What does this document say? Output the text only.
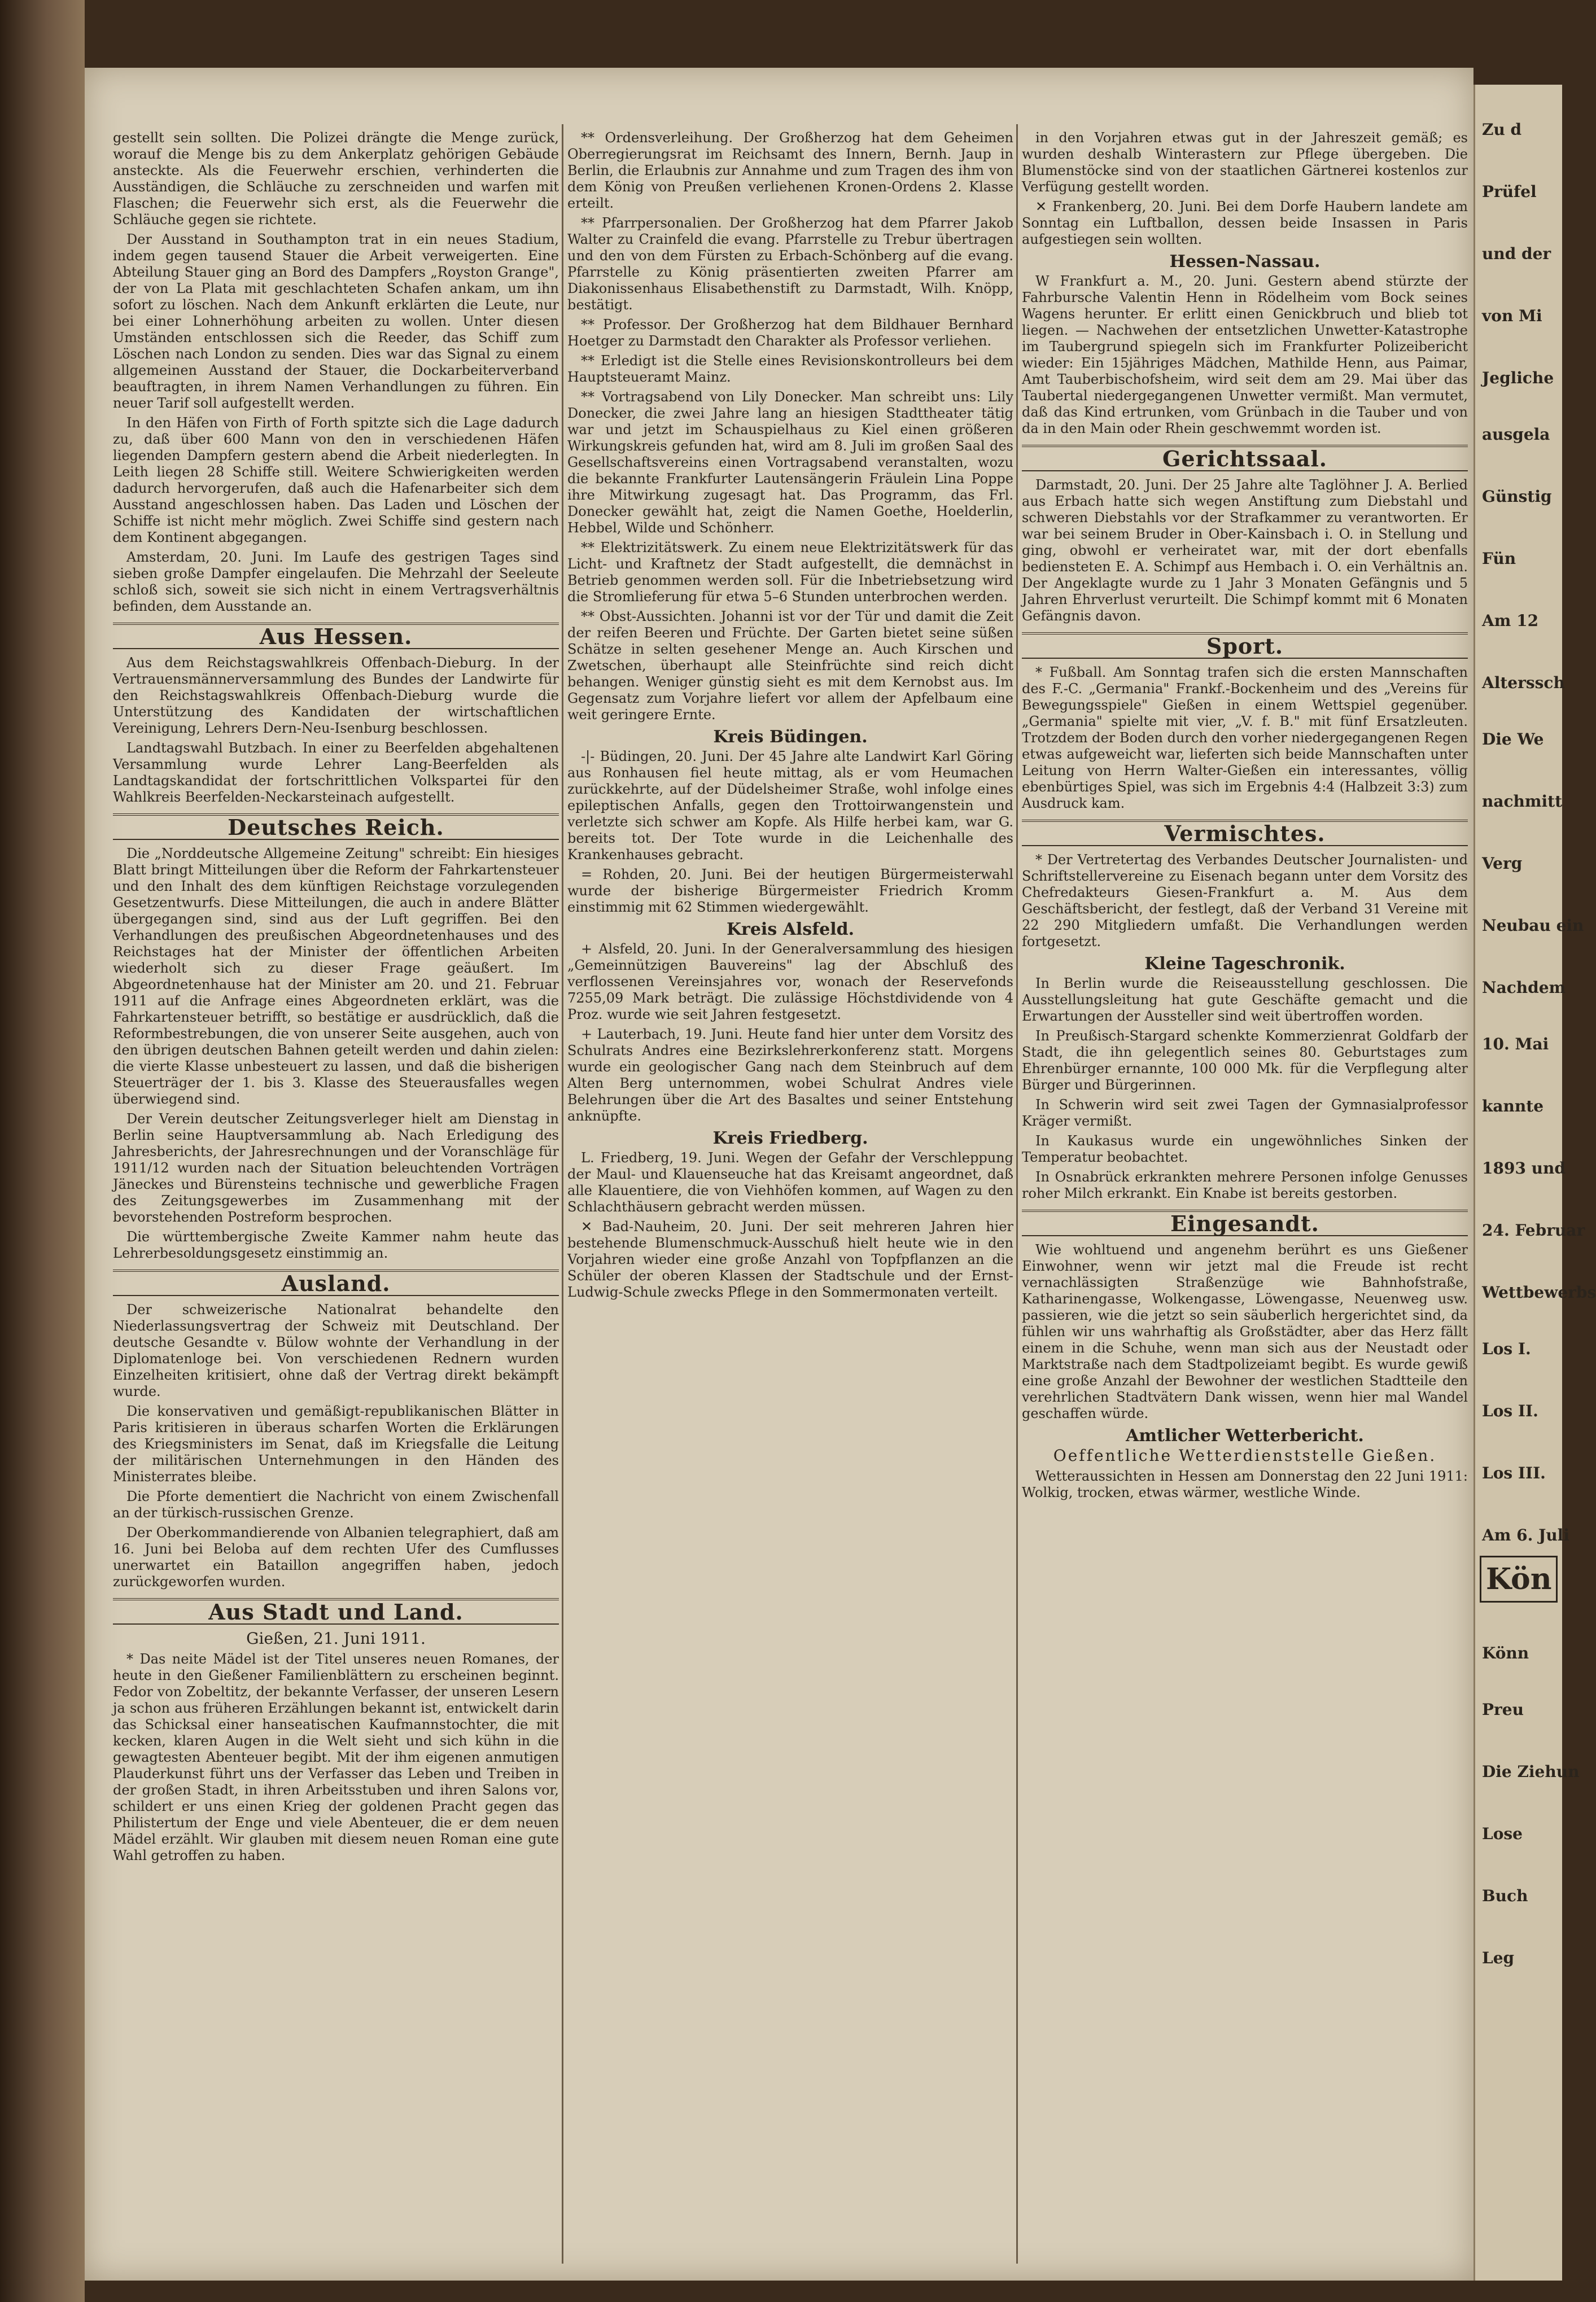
gestellt sein sollten. Die Polizei drängte die Menge zurück, worauf die Menge bis zu dem Ankerplatz gehörigen Gebäude ansteckte. Als die Feuerwehr erschien, verhinderten die Ausständigen, die Schläuche zu zerschneiden und warfen mit Flaschen; die Feuerwehr sich erst, als die Feuerwehr die Schläuche gegen sie richtete.

Der Ausstand in Southampton trat in ein neues Stadium, indem gegen tausend Stauer die Arbeit verweigerten. Eine Abteilung Stauer ging an Bord des Dampfers „Royston Grange", der von La Plata mit geschlachteten Schafen ankam, um ihn sofort zu löschen. Nach dem Ankunft erklärten die Leute, nur bei einer Lohnerhöhung arbeiten zu wollen. Unter diesen Umständen entschlossen sich die Reeder, das Schiff zum Löschen nach London zu senden. Dies war das Signal zu einem allgemeinen Ausstand der Stauer, die Dockarbeiterverband beauftragten, in ihrem Namen Verhandlungen zu führen. Ein neuer Tarif soll aufgestellt werden.

In den Häfen von Firth of Forth spitzte sich die Lage dadurch zu, daß über 600 Mann von den in verschiedenen Häfen liegenden Dampfern gestern abend die Arbeit niederlegten. In Leith liegen 28 Schiffe still. Weitere Schwierigkeiten werden dadurch hervorgerufen, daß auch die Hafenarbeiter sich dem Ausstand angeschlossen haben. Das Laden und Löschen der Schiffe ist nicht mehr möglich. Zwei Schiffe sind gestern nach dem Kontinent abgegangen.

Amsterdam, 20. Juni. Im Laufe des gestrigen Tages sind sieben große Dampfer eingelaufen. Die Mehrzahl der Seeleute schloß sich, soweit sie sich nicht in einem Vertragsverhältnis befinden, dem Ausstande an.

Aus Hessen.

Aus dem Reichstagswahlkreis Offenbach-Dieburg. In der Vertrauensmännerversammlung des Bundes der Landwirte für den Reichstagswahlkreis Offenbach-Dieburg wurde die Unterstützung des Kandidaten der wirtschaftlichen Vereinigung, Lehrers Dern-Neu-Isenburg beschlossen.

Landtagswahl Butzbach. In einer zu Beerfelden abgehaltenen Versammlung wurde Lehrer Lang-Beerfelden als Landtagskandidat der fortschrittlichen Volkspartei für den Wahlkreis Beerfelden-Neckarsteinach aufgestellt.

Deutsches Reich.

Die „Norddeutsche Allgemeine Zeitung" schreibt: Ein hiesiges Blatt bringt Mitteilungen über die Reform der Fahrkartensteuer und den Inhalt des dem künftigen Reichstage vorzulegenden Gesetzentwurfs. Diese Mitteilungen, die auch in andere Blätter übergegangen sind, sind aus der Luft gegriffen. Bei den Verhandlungen des preußischen Abgeordnetenhauses und des Reichstages hat der Minister der öffentlichen Arbeiten wiederholt sich zu dieser Frage geäußert. Im Abgeordnetenhause hat der Minister am 20. und 21. Februar 1911 auf die Anfrage eines Abgeordneten erklärt, was die Fahrkartensteuer betrifft, so bestätige er ausdrücklich, daß die Reformbestrebungen, die von unserer Seite ausgehen, auch von den übrigen deutschen Bahnen geteilt werden und dahin zielen: die vierte Klasse unbesteuert zu lassen, und daß die bisherigen Steuerträger der 1. bis 3. Klasse des Steuerausfalles wegen überwiegend sind.

Der Verein deutscher Zeitungsverleger hielt am Dienstag in Berlin seine Hauptversammlung ab. Nach Erledigung des Jahresberichts, der Jahresrechnungen und der Voranschläge für 1911/12 wurden nach der Situation beleuchtenden Vorträgen Jäneckes und Bürensteins technische und gewerbliche Fragen des Zeitungsgewerbes im Zusammenhang mit der bevorstehenden Postreform besprochen.

Die württembergische Zweite Kammer nahm heute das Lehrerbesoldungsgesetz einstimmig an.

Ausland.

Der schweizerische Nationalrat behandelte den Niederlassungsvertrag der Schweiz mit Deutschland. Der deutsche Gesandte v. Bülow wohnte der Verhandlung in der Diplomatenloge bei. Von verschiedenen Rednern wurden Einzelheiten kritisiert, ohne daß der Vertrag direkt bekämpft wurde.

Die konservativen und gemäßigt-republikanischen Blätter in Paris kritisieren in überaus scharfen Worten die Erklärungen des Kriegsministers im Senat, daß im Kriegsfalle die Leitung der militärischen Unternehmungen in den Händen des Ministerrates bleibe.

Die Pforte dementiert die Nachricht von einem Zwischenfall an der türkisch-russischen Grenze.

Der Oberkommandierende von Albanien telegraphiert, daß am 16. Juni bei Beloba auf dem rechten Ufer des Cumflusses unerwartet ein Bataillon angegriffen haben, jedoch zurückgeworfen wurden.

Aus Stadt und Land.
Gießen, 21. Juni 1911.

* Das neite Mädel ist der Titel unseres neuen Romanes, der heute in den Gießener Familienblättern zu erscheinen beginnt. Fedor von Zobeltitz, der bekannte Verfasser, der unseren Lesern ja schon aus früheren Erzählungen bekannt ist, entwickelt darin das Schicksal einer hanseatischen Kaufmannstochter, die mit kecken, klaren Augen in die Welt sieht und sich kühn in die gewagtesten Abenteuer begibt. Mit der ihm eigenen anmutigen Plauderkunst führt uns der Verfasser das Leben und Treiben in der großen Stadt, in ihren Arbeitsstuben und ihren Salons vor, schildert er uns einen Krieg der goldenen Pracht gegen das Philistertum der Enge und viele Abenteuer, die er dem neuen Mädel erzählt. Wir glauben mit diesem neuen Roman eine gute Wahl getroffen zu haben.

** Ordensverleihung. Der Großherzog hat dem Geheimen Oberregierungsrat im Reichsamt des Innern, Bernh. Jaup in Berlin, die Erlaubnis zur Annahme und zum Tragen des ihm von dem König von Preußen verliehenen Kronen-Ordens 2. Klasse erteilt.

** Pfarrpersonalien. Der Großherzog hat dem Pfarrer Jakob Walter zu Crainfeld die evang. Pfarrstelle zu Trebur übertragen und den von dem Fürsten zu Erbach-Schönberg auf die evang. Pfarrstelle zu König präsentierten zweiten Pfarrer am Diakonissenhaus Elisabethenstift zu Darmstadt, Wilh. Knöpp, bestätigt.

** Professor. Der Großherzog hat dem Bildhauer Bernhard Hoetger zu Darmstadt den Charakter als Professor verliehen.

** Erledigt ist die Stelle eines Revisionskontrolleurs bei dem Hauptsteueramt Mainz.

** Vortragsabend von Lily Donecker. Man schreibt uns: Lily Donecker, die zwei Jahre lang an hiesigen Stadttheater tätig war und jetzt im Schauspielhaus zu Kiel einen größeren Wirkungskreis gefunden hat, wird am 8. Juli im großen Saal des Gesellschaftsvereins einen Vortragsabend veranstalten, wozu die bekannte Frankfurter Lautensängerin Fräulein Lina Poppe ihre Mitwirkung zugesagt hat. Das Programm, das Frl. Donecker gewählt hat, zeigt die Namen Goethe, Hoelderlin, Hebbel, Wilde und Schönherr.

** Elektrizitätswerk. Zu einem neue Elektrizitätswerk für das Licht- und Kraftnetz der Stadt aufgestellt, die demnächst in Betrieb genommen werden soll. Für die Inbetriebsetzung wird die Stromlieferung für etwa 5–6 Stunden unterbrochen werden.

** Obst-Aussichten. Johanni ist vor der Tür und damit die Zeit der reifen Beeren und Früchte. Der Garten bietet seine süßen Schätze in selten gesehener Menge an. Auch Kirschen und Zwetschen, überhaupt alle Steinfrüchte sind reich dicht behangen. Weniger günstig sieht es mit dem Kernobst aus. Im Gegensatz zum Vorjahre liefert vor allem der Apfelbaum eine weit geringere Ernte.

Kreis Büdingen.

-|- Büdingen, 20. Juni. Der 45 Jahre alte Landwirt Karl Göring aus Ronhausen fiel heute mittag, als er vom Heumachen zurückkehrte, auf der Düdelsheimer Straße, wohl infolge eines epileptischen Anfalls, gegen den Trottoirwangenstein und verletzte sich schwer am Kopfe. Als Hilfe herbei kam, war G. bereits tot. Der Tote wurde in die Leichenhalle des Krankenhauses gebracht.

= Rohden, 20. Juni. Bei der heutigen Bürgermeisterwahl wurde der bisherige Bürgermeister Friedrich Kromm einstimmig mit 62 Stimmen wiedergewählt.

Kreis Alsfeld.

+ Alsfeld, 20. Juni. In der Generalversammlung des hiesigen „Gemeinnützigen Bauvereins" lag der Abschluß des verflossenen Vereinsjahres vor, wonach der Reservefonds 7255,09 Mark beträgt. Die zulässige Höchstdividende von 4 Proz. wurde wie seit Jahren festgesetzt.

+ Lauterbach, 19. Juni. Heute fand hier unter dem Vorsitz des Schulrats Andres eine Bezirkslehrerkonferenz statt. Morgens wurde ein geologischer Gang nach dem Steinbruch auf dem Alten Berg unternommen, wobei Schulrat Andres viele Belehrungen über die Art des Basaltes und seiner Entstehung anknüpfte.

Kreis Friedberg.

L. Friedberg, 19. Juni. Wegen der Gefahr der Verschleppung der Maul- und Klauenseuche hat das Kreisamt angeordnet, daß alle Klauentiere, die von Viehhöfen kommen, auf Wagen zu den Schlachthäusern gebracht werden müssen.

✕ Bad-Nauheim, 20. Juni. Der seit mehreren Jahren hier bestehende Blumenschmuck-Ausschuß hielt heute wie in den Vorjahren wieder eine große Anzahl von Topfpflanzen an die Schüler der oberen Klassen der Stadtschule und der Ernst-Ludwig-Schule zwecks Pflege in den Sommermonaten verteilt.

in den Vorjahren etwas gut in der Jahreszeit gemäß; es wurden deshalb Winterastern zur Pflege übergeben. Die Blumenstöcke sind von der staatlichen Gärtnerei kostenlos zur Verfügung gestellt worden.

✕ Frankenberg, 20. Juni. Bei dem Dorfe Haubern landete am Sonntag ein Luftballon, dessen beide Insassen in Paris aufgestiegen sein wollten.

Hessen-Nassau.

W Frankfurt a. M., 20. Juni. Gestern abend stürzte der Fahrbursche Valentin Henn in Rödelheim vom Bock seines Wagens herunter. Er erlitt einen Genickbruch und blieb tot liegen. — Nachwehen der entsetzlichen Unwetter-Katastrophe im Taubergrund spiegeln sich im Frankfurter Polizeibericht wieder: Ein 15jähriges Mädchen, Mathilde Henn, aus Paimar, Amt Tauberbischofsheim, wird seit dem am 29. Mai über das Taubertal niedergegangenen Unwetter vermißt. Man vermutet, daß das Kind ertrunken, vom Grünbach in die Tauber und von da in den Main oder Rhein geschwemmt worden ist.

Gerichtssaal.

Darmstadt, 20. Juni. Der 25 Jahre alte Taglöhner J. A. Berlied aus Erbach hatte sich wegen Anstiftung zum Diebstahl und schweren Diebstahls vor der Strafkammer zu verantworten. Er war bei seinem Bruder in Ober-Kainsbach i. O. in Stellung und ging, obwohl er verheiratet war, mit der dort ebenfalls bediensteten E. A. Schimpf aus Hembach i. O. ein Verhältnis an. Der Angeklagte wurde zu 1 Jahr 3 Monaten Gefängnis und 5 Jahren Ehrverlust verurteilt. Die Schimpf kommt mit 6 Monaten Gefängnis davon.

Sport.

* Fußball. Am Sonntag trafen sich die ersten Mannschaften des F.-C. „Germania" Frankf.-Bockenheim und des „Vereins für Bewegungsspiele" Gießen in einem Wettspiel gegenüber. „Germania" spielte mit vier, „V. f. B." mit fünf Ersatzleuten. Trotzdem der Boden durch den vorher niedergegangenen Regen etwas aufgeweicht war, lieferten sich beide Mannschaften unter Leitung von Herrn Walter-Gießen ein interessantes, völlig ebenbürtiges Spiel, was sich im Ergebnis 4:4 (Halbzeit 3:3) zum Ausdruck kam.

Vermischtes.

* Der Vertretertag des Verbandes Deutscher Journalisten- und Schriftstellervereine zu Eisenach begann unter dem Vorsitz des Chefredakteurs Giesen-Frankfurt a. M. Aus dem Geschäftsbericht, der festlegt, daß der Verband 31 Vereine mit 22 290 Mitgliedern umfaßt. Die Verhandlungen werden fortgesetzt.

Kleine Tageschronik.

In Berlin wurde die Reiseausstellung geschlossen. Die Ausstellungsleitung hat gute Geschäfte gemacht und die Erwartungen der Aussteller sind weit übertroffen worden.

In Preußisch-Stargard schenkte Kommerzienrat Goldfarb der Stadt, die ihn gelegentlich seines 80. Geburtstages zum Ehrenbürger ernannte, 100 000 Mk. für die Verpflegung alter Bürger und Bürgerinnen.

In Schwerin wird seit zwei Tagen der Gymnasialprofessor Kräger vermißt.

In Kaukasus wurde ein ungewöhnliches Sinken der Temperatur beobachtet.

In Osnabrück erkrankten mehrere Personen infolge Genusses roher Milch erkrankt. Ein Knabe ist bereits gestorben.

Eingesandt.

Wie wohltuend und angenehm berührt es uns Gießener Einwohner, wenn wir jetzt mal die Freude ist recht vernachlässigten Straßenzüge wie Bahnhofstraße, Katharinengasse, Wolkengasse, Löwengasse, Neuenweg usw. passieren, wie die jetzt so sein säuberlich hergerichtet sind, da fühlen wir uns wahrhaftig als Großstädter, aber das Herz fällt einem in die Schuhe, wenn man sich aus der Neustadt oder Marktstraße nach dem Stadtpolizeiamt begibt. Es wurde gewiß eine große Anzahl der Bewohner der westlichen Stadtteile den verehrlichen Stadtvätern Dank wissen, wenn hier mal Wandel geschaffen würde.

Amtlicher Wetterbericht.
Oeffentliche Wetterdienststelle Gießen.

Wetteraussichten in Hessen am Donnerstag den 22 Juni 1911: Wolkig, trocken, etwas wärmer, westliche Winde.

Zu d
Prüfel
und der
von Mi
Jegliche
ausgela
Günstig
Fün
Am 12
Alterssch
Die We
nachmitt
Verg
Neubau ein
Nachdem
10. Mai
kannte
1893 und
24. Februar
Wettbewerbs
Los I.
Los II.
Los III.
Am 6. Juli
Kön
Könn
Preu
Die Ziehun
Lose
Buch
Leg
